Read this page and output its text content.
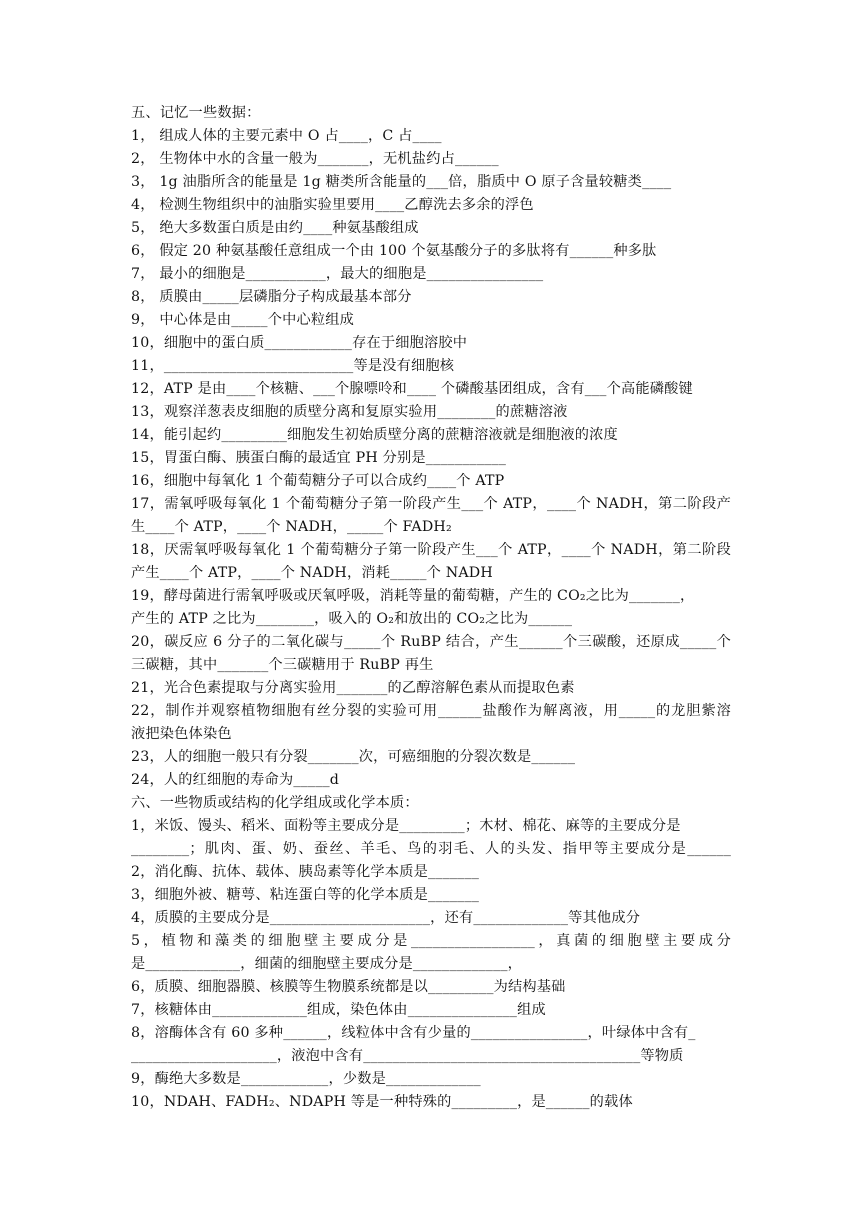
五、记忆一些数据：
1， 组成人体的主要元素中 O 占____，C 占____
2， 生物体中水的含量一般为_______，无机盐约占______
3， 1g 油脂所含的能量是 1g 糖类所含能量的___倍，脂质中 O 原子含量较糖类____
4， 检测生物组织中的油脂实验里要用____乙醇洗去多余的浮色
5， 绝大多数蛋白质是由约____种氨基酸组成
6， 假定 20 种氨基酸任意组成一个由 100 个氨基酸分子的多肽将有______种多肽
7， 最小的细胞是___________，最大的细胞是________________
8， 质膜由_____层磷脂分子构成最基本部分
9， 中心体是由_____个中心粒组成
10，细胞中的蛋白质____________存在于细胞溶胶中
11，__________________________等是没有细胞核
12，ATP 是由____个核糖、___个腺嘌呤和____ 个磷酸基团组成，含有___个高能磷酸键
13，观察洋葱表皮细胞的质壁分离和复原实验用________的蔗糖溶液
14，能引起约_________细胞发生初始质壁分离的蔗糖溶液就是细胞液的浓度
15，胃蛋白酶、胰蛋白酶的最适宜 PH 分别是___________
16，细胞中每氧化 1 个葡萄糖分子可以合成约____个 ATP
17，需氧呼吸每氧化 1 个葡萄糖分子第一阶段产生___个 ATP，____个 NADH，第二阶段产
生____个 ATP，____个 NADH，_____个 FADH₂
18，厌需氧呼吸每氧化 1 个葡萄糖分子第一阶段产生___个 ATP，____个 NADH，第二阶段
产生____个 ATP，____个 NADH，消耗_____个 NADH
19，酵母菌进行需氧呼吸或厌氧呼吸，消耗等量的葡萄糖，产生的 CO₂之比为_______，
产生的 ATP 之比为________，吸入的 O₂和放出的 CO₂之比为______
20，碳反应 6 分子的二氧化碳与_____个 RuBP 结合，产生______个三碳酸，还原成_____个
三碳糖，其中_______个三碳糖用于 RuBP 再生
21，光合色素提取与分离实验用_______的乙醇溶解色素从而提取色素
22，制作并观察植物细胞有丝分裂的实验可用______盐酸作为解离液，用_____的龙胆紫溶
液把染色体染色
23，人的细胞一般只有分裂_______次，可癌细胞的分裂次数是______
24，人的红细胞的寿命为_____d
六、一些物质或结构的化学组成或化学本质：
1，米饭、馒头、稻米、面粉等主要成分是_________；木材、棉花、麻等的主要成分是
________；肌肉、蛋、奶、蚕丝、羊毛、鸟的羽毛、人的头发、指甲等主要成分是______
2，消化酶、抗体、载体、胰岛素等化学本质是_______
3，细胞外被、糖萼、粘连蛋白等的化学本质是_______
4，质膜的主要成分是______________________，还有_____________等其他成分
5，植物和藻类的细胞壁主要成分是_________________，真菌的细胞壁主要成分
是_____________，细菌的细胞壁主要成分是_____________，
6，质膜、细胞器膜、核膜等生物膜系统都是以_________为结构基础
7，核糖体由_____________组成，染色体由_______________组成
8，溶酶体含有 60 多种______，线粒体中含有少量的________________，叶绿体中含有_
____________________，液泡中含有______________________________________等物质
9，酶绝大多数是____________，少数是_____________
10，NDAH、FADH₂、NDAPH 等是一种特殊的_________，是______的载体
